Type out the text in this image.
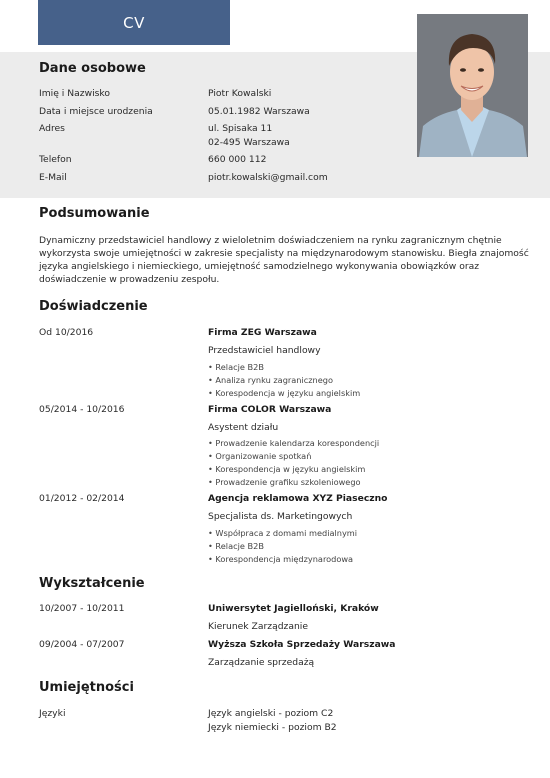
CV
Dane osobowe
Imię i Nazwisko	Piotr Kowalski
Data i miejsce urodzenia	05.01.1982 Warszawa
Adres	ul. Spisaka 11
02-495 Warszawa
Telefon	660 000 112
E-Mail	piotr.kowalski@gmail.com
Podsumowanie
Dynamiczny przedstawiciel handlowy z wieloletnim doświadczeniem na rynku zagranicznym chętnie
wykorzysta swoje umiejętności w zakresie specjalisty na międzynarodowym stanowisku. Biegła znajomość
języka angielskiego i niemieckiego, umiejętność samodzielnego wykonywania obowiązków oraz
doświadczenie w prowadzeniu zespołu.
Doświadczenie
Od 10/2016	Firma ZEG Warszawa
Przedstawiciel handlowy
• Relacje B2B
• Analiza rynku zagranicznego
• Korespodencja w języku angielskim
05/2014 - 10/2016	Firma COLOR Warszawa
Asystent działu
• Prowadzenie kalendarza korespondencji
• Organizowanie spotkań
• Korespondencja w języku angielskim
• Prowadzenie grafiku szkoleniowego
01/2012 - 02/2014	Agencja reklamowa XYZ Piaseczno
Specjalista ds. Marketingowych
• Współpraca z domami medialnymi
• Relacje B2B
• Korespondencja międzynarodowa
Wykształcenie
10/2007 - 10/2011	Uniwersytet Jagielloński, Kraków
Kierunek Zarządzanie
09/2004 - 07/2007	Wyższa Szkoła Sprzedaży Warszawa
Zarządzanie sprzedażą
Umiejętności
Języki	Język angielski - poziom C2
Język niemiecki - poziom B2
